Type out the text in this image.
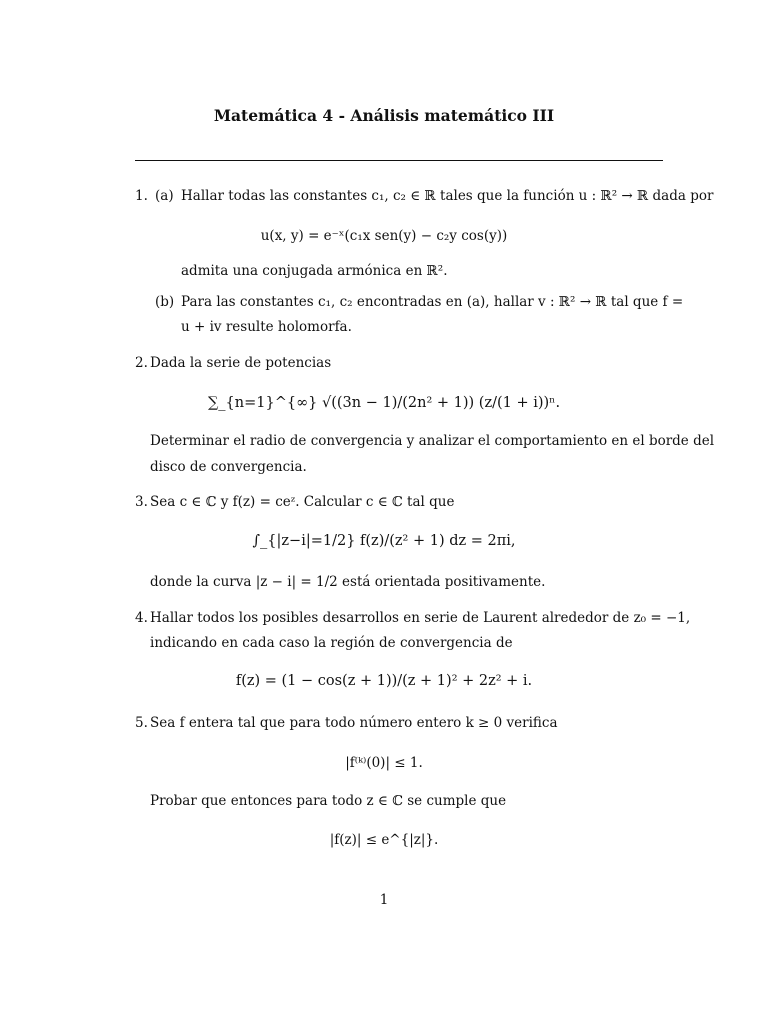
Matemática 4 - Análisis matemático III
1. (a) Hallar todas las constantes c₁, c₂ ∈ ℝ tales que la función u : ℝ² → ℝ dada por
u(x, y) = e⁻ˣ(c₁x sen(y) − c₂y cos(y))
admita una conjugada armónica en ℝ².
(b) Para las constantes c₁, c₂ encontradas en (a), hallar v : ℝ² → ℝ tal que f =
u + iv resulte holomorfa.
2. Dada la serie de potencias
∑_{n=1}^{∞} √((3n − 1)/(2n² + 1)) (z/(1 + i))ⁿ.
Determinar el radio de convergencia y analizar el comportamiento en el borde del
disco de convergencia.
3. Sea c ∈ ℂ y f(z) = ceᶻ. Calcular c ∈ ℂ tal que
∫_{|z−i|=1/2} f(z)/(z² + 1) dz = 2πi,
donde la curva |z − i| = 1/2 está orientada positivamente.
4. Hallar todos los posibles desarrollos en serie de Laurent alrededor de z₀ = −1,
indicando en cada caso la región de convergencia de
f(z) = (1 − cos(z + 1))/(z + 1)² + 2z² + i.
5. Sea f entera tal que para todo número entero k ≥ 0 verifica
|f⁽ᵏ⁾(0)| ≤ 1.
Probar que entonces para todo z ∈ ℂ se cumple que
|f(z)| ≤ e^{|z|}.
1
